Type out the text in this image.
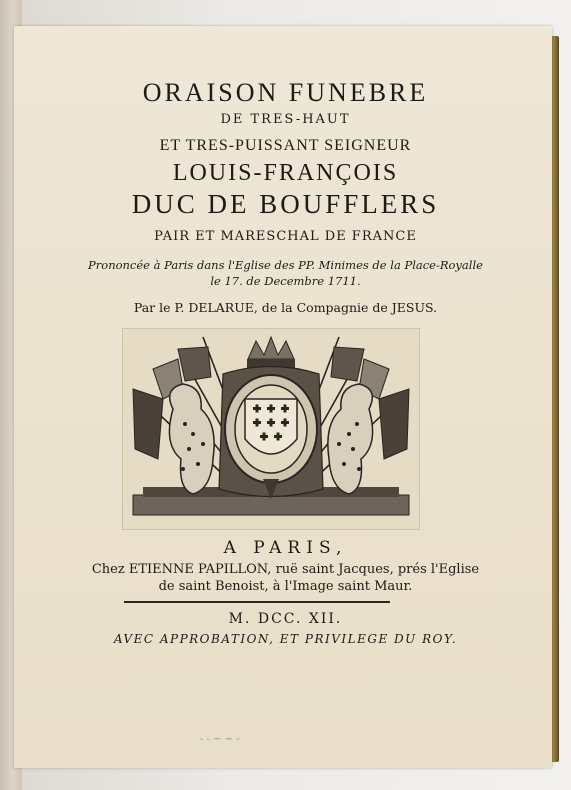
ORAISON FUNEBRE
DE TRES-HAUT
ET TRES-PUISSANT SEIGNEUR
LOUIS-FRANÇOIS
DUC DE BOUFFLERS
PAIR ET MARESCHAL DE FRANCE
Prononcée à Paris dans l'Eglise des PP. Minimes de la Place-Royalle
le 17. de Decembre 1711.
Par le P. DELARUE, de la Compagnie de JESUS.
A PARIS,
Chez ETIENNE PAPILLON, ruë saint Jacques, prés l'Eglise
de saint Benoist, à l'Image saint Maur.
M. DCC. XII.
AVEC APPROBATION, ET PRIVILEGE DU ROY.
- - ~ ~ -
